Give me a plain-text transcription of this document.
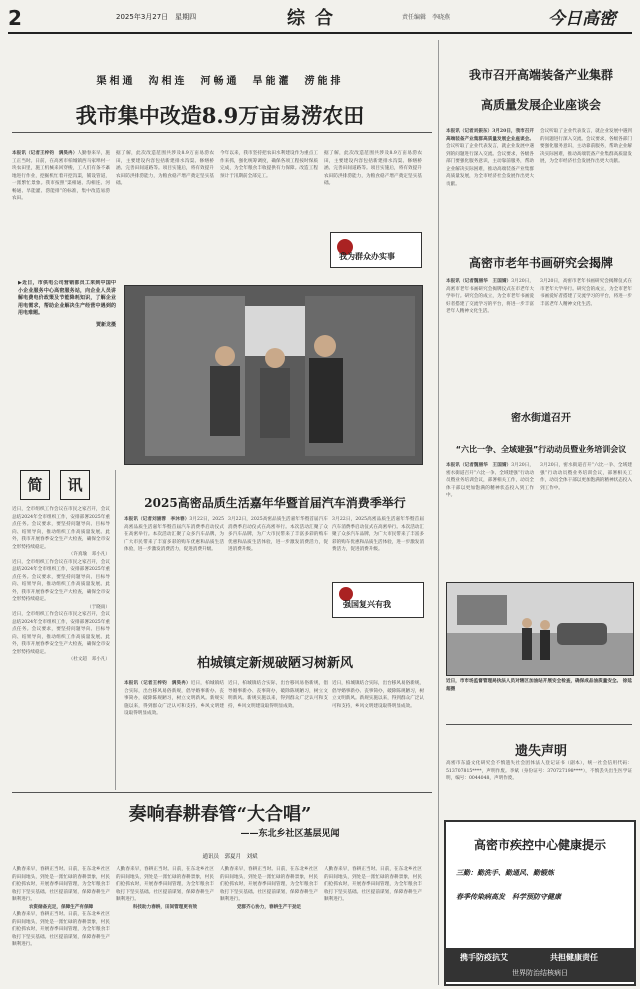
2	2025年3月27日　星期四	综合	责任编辑　李晓燕	今日高密
渠相通　沟相连　河畅通　旱能灌　涝能排
我市集中改造8.9万亩易涝农田

本报讯（记者王梓钧　满昊冉）人勤春来早，施工正当时。日前，在高密市柏城镇西马家埠村一块农田里，施工机械来回穿梭，工人们有条不紊地进行作业，挖掘机忙着开挖沟渠，铺设管道，一派繁忙景象。我市按照“渠相通、沟相连、河畅通、旱能灌、涝能排”的标准，集中改造易涝农田。

据了解，此次改造范围共涉及8.9万亩易涝农田，主要建设内容包括新建排水沟渠、修缮桥涵、完善田间道路等。项目实施后，将有效提升农田防洪排涝能力，为粮食稳产增产奠定坚实基础。

今年以来，我市坚持把农田水利建设作为重点工作来抓，强化统筹调度，确保各项工程按时保质完成，为全年粮食丰收提供有力保障。改造工程预计于汛期前全部完工。

据了解，此次改造范围共涉及8.9万亩易涝农田，主要建设内容包括新建排水沟渠、修缮桥涵、完善田间道路等。项目实施后，将有效提升农田防洪排涝能力，为粮食稳产增产奠定坚实基础。

我为群众办实事
▶近日，市供电公司营销部员工来到中国中小企业服务中心高密服务站，向企业人员讲解电费电价政策及节能降耗知识，了解企业用电需求，帮助企业解决生产经营中遇到的用电难题。
贾新龙摄
简	讯

近日，全市组织工作会议在市民之家召开，会议总结2024年全市组织工作，安排部署2025年重点任务。会议要求，要坚持问题导向、目标导向、结果导向，推动组织工作高质量发展。此外，我市开展春季安全生产大检查，确保全市安全形势持续稳定。

（许真瑜　邓小凡）

近日，全市组织工作会议在市民之家召开，会议总结2024年全市组织工作，安排部署2025年重点任务。会议要求，要坚持问题导向、目标导向、结果导向，推动组织工作高质量发展。此外，我市开展春季安全生产大检查，确保全市安全形势持续稳定。

（于晓雨）

近日，全市组织工作会议在市民之家召开，会议总结2024年全市组织工作，安排部署2025年重点任务。会议要求，要坚持问题导向、目标导向、结果导向，推动组织工作高质量发展。此外，我市开展春季安全生产大检查，确保全市安全形势持续稳定。

（杜文超　邓小凡）

2025高密品质生活嘉年华暨首届汽车消费季举行

本报讯（记者刘涵蓉　李沐春）3月22日，2025高密品质生活嘉年华暨首届汽车消费季启动仪式在高密举行。本次活动汇聚了众多汽车品牌，为广大市民带来了丰富多彩的购车优惠和品质生活体验，进一步激发消费活力，促进消费升级。

3月22日，2025高密品质生活嘉年华暨首届汽车消费季启动仪式在高密举行。本次活动汇聚了众多汽车品牌，为广大市民带来了丰富多彩的购车优惠和品质生活体验，进一步激发消费活力，促进消费升级。

3月22日，2025高密品质生活嘉年华暨首届汽车消费季启动仪式在高密举行。本次活动汇聚了众多汽车品牌，为广大市民带来了丰富多彩的购车优惠和品质生活体验，进一步激发消费活力，促进消费升级。

强国复兴有我
柏城镇定新规破陋习树新风

本报讯（记者王梓钧　满昊冉）近日，柏城镇结合实际，出台移风易俗新规，倡导婚事新办、丧事简办，破除陈规陋习，树立文明新风。新规实施以来，得到群众广泛认可和支持，乡风文明建设取得明显成效。

近日，柏城镇结合实际，出台移风易俗新规，倡导婚事新办、丧事简办，破除陈规陋习，树立文明新风。新规实施以来，得到群众广泛认可和支持，乡风文明建设取得明显成效。

近日，柏城镇结合实际，出台移风易俗新规，倡导婚事新办、丧事简办，破除陈规陋习，树立文明新风。新规实施以来，得到群众广泛认可和支持，乡风文明建设取得明显成效。

奏响春耕春管“大合唱”
——东北乡社区基层见闻
通讯员　郭夏月　刘斌

人勤春来早，春耕正当时。日前，在东北乡社区的田间地头，到处是一派忙碌的春耕景象，村民们抢抓农时，开展春季田间管理，为全年粮食丰收打下坚实基础。社区提前谋划，保障春耕生产顺利进行。

农资储备充足，保障生产有保障

人勤春来早，春耕正当时。日前，在东北乡社区的田间地头，到处是一派忙碌的春耕景象，村民们抢抓农时，开展春季田间管理，为全年粮食丰收打下坚实基础。社区提前谋划，保障春耕生产顺利进行。

人勤春来早，春耕正当时。日前，在东北乡社区的田间地头，到处是一派忙碌的春耕景象，村民们抢抓农时，开展春季田间管理，为全年粮食丰收打下坚实基础。社区提前谋划，保障春耕生产顺利进行。

科技助力春耕，田间管理更有效

人勤春来早，春耕正当时。日前，在东北乡社区的田间地头，到处是一派忙碌的春耕景象，村民们抢抓农时，开展春季田间管理，为全年粮食丰收打下坚实基础。社区提前谋划，保障春耕生产顺利进行。

党群齐心协力，春耕生产干劲足

人勤春来早，春耕正当时。日前，在东北乡社区的田间地头，到处是一派忙碌的春耕景象，村民们抢抓农时，开展春季田间管理，为全年粮食丰收打下坚实基础。社区提前谋划，保障春耕生产顺利进行。

我市召开高端装备产业集群
高质量发展企业座谈会

本报讯（记者刘振东）3月20日，我市召开高端装备产业集群高质量发展企业座谈会。会议听取了企业代表发言，就企业发展中遇到的问题进行深入交流。会议要求，各级各部门要强化服务意识，主动靠前服务，帮助企业解决实际困难，推动高端装备产业集群高质量发展，为全市经济社会发展作出更大贡献。

会议听取了企业代表发言，就企业发展中遇到的问题进行深入交流。会议要求，各级各部门要强化服务意识，主动靠前服务，帮助企业解决实际困难，推动高端装备产业集群高质量发展，为全市经济社会发展作出更大贡献。

高密市老年书画研究会揭牌

本报讯（记者魏丽华　王国婧）3月20日，高密市老年书画研究会揭牌仪式在市老年大学举行。研究会的成立，为全市老年书画爱好者搭建了交流学习的平台，将进一步丰富老年人精神文化生活。

3月20日，高密市老年书画研究会揭牌仪式在市老年大学举行。研究会的成立，为全市老年书画爱好者搭建了交流学习的平台，将进一步丰富老年人精神文化生活。

密水街道召开
“六比一争、全域建强”行动动员暨业务培训会议

本报讯（记者魏丽华　王国婧）3月20日，密水街道召开“六比一争、全域建强”行动动员暨业务培训会议，部署相关工作，动员全体干部以更加饱满的精神状态投入到工作中。

3月20日，密水街道召开“六比一争、全域建强”行动动员暨业务培训会议，部署相关工作，动员全体干部以更加饱满的精神状态投入到工作中。

近日，市市场监督管理局执法人员对辖区加油站开展安全检查，确保成品油质量安全。 徐延超摄
遗失声明
高密市东盛文化研究会不慎遗失社会团体法人登记证书（副本），统一社会信用代码：513707815****，声明作废。李斌（身份证号：370727198****），不慎丢失出生医学证明，编号：0044048，声明作废。
高密市疾控中心健康提示
三勤：勤洗手、勤通风、勤锻炼
春季传染病高发　科学预防守健康
携手防疫抗艾	共担健康责任
世界防治结核病日
